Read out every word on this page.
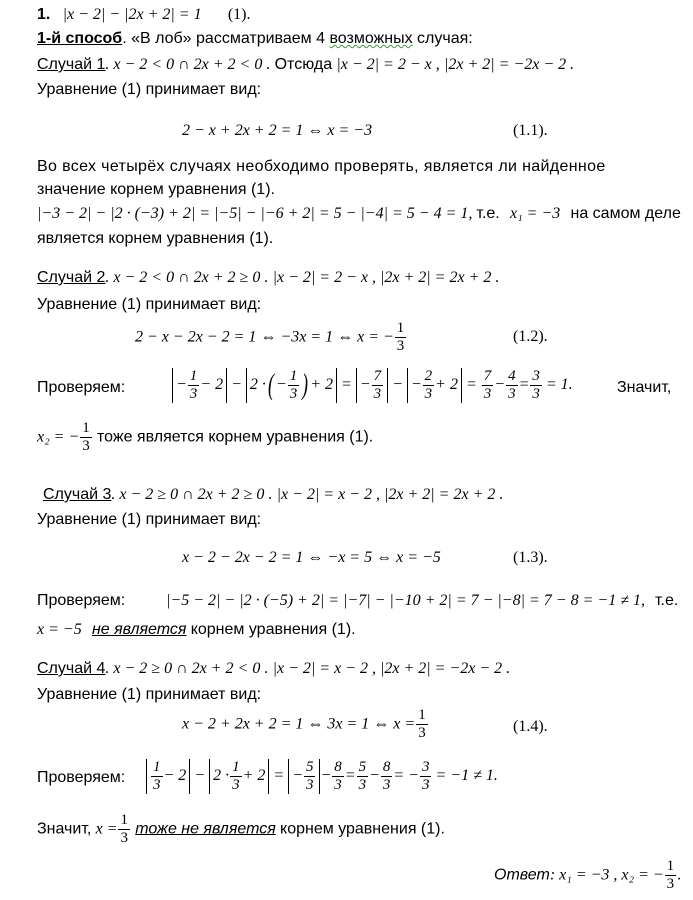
1. |x − 2| − |2x + 2| = 1 (1).
1-й способ. «В лоб» рассматриваем 4 возможных случая:
Случай 1. x − 2 < 0 ∩ 2x + 2 < 0 . Отсюда |x − 2| = 2 − x , |2x + 2| = −2x − 2 .
Уравнение (1) принимает вид:
2 − x + 2x + 2 = 1 ⇔ x = −3	(1.1).
Во всех четырёх случаях необходимо проверять, является ли найденное
значение корнем уравнения (1).
|−3 − 2| − |2 · (−3) + 2| = |−5| − |−6 + 2| = 5 − |−4| = 5 − 4 = 1, т.е. x₁ = −3 на самом деле
является корнем уравнения (1).
Случай 2. x − 2 < 0 ∩ 2x + 2 ≥ 0 . |x − 2| = 2 − x , |2x + 2| = 2x + 2 .
Уравнение (1) принимает вид:
2 − x − 2x − 2 = 1 ⇔ −3x = 1 ⇔ x = − $\frac{1}{3}$	(1.2).
Проверяем:	− $\frac{1}{3} - 2 - 2$ ·( − $\frac{1}{3}$ ) + 2 = − $\frac{7}{3}$ − − $\frac{2}{3} + 2 = \frac{7}{3} - \frac{4}{3} = \frac{3}{3} = 1$.	Значит,
x₂ = − $\frac{1}{3}$ тоже является корнем уравнения (1).
Случай 3. x − 2 ≥ 0 ∩ 2x + 2 ≥ 0 . |x − 2| = x − 2 , |2x + 2| = 2x + 2 .
Уравнение (1) принимает вид:
x − 2 − 2x − 2 = 1 ⇔ −x = 5 ⇔ x = −5	(1.3).
Проверяем:	|−5 − 2| − |2 · (−5) + 2| = |−7| − |−10 + 2| = 7 − |−8| = 7 − 8 = −1 ≠ 1, т.е.
x = −5 не является корнем уравнения (1).
Случай 4. x − 2 ≥ 0 ∩ 2x + 2 < 0 . |x − 2| = x − 2 , |2x + 2| = −2x − 2 .
Уравнение (1) принимает вид:
x − 2 + 2x + 2 = 1 ⇔ 3x = 1 ⇔ $x = \frac{1}{3}$	(1.4).
Проверяем: $\frac{1}{3} - 2 - 2 \cdot \frac{1}{3} + 2$ = − $\frac{5}{3} - \frac{8}{3} = \frac{5}{3} - \frac{8}{3}$ = − $\frac{3}{3} = -1 \ne 1$.
Значит, $x = \frac{1}{3}$ тоже не является корнем уравнения (1).
Ответ: x₁ = −3 , x₂ = − $\frac{1}{3}$ .
